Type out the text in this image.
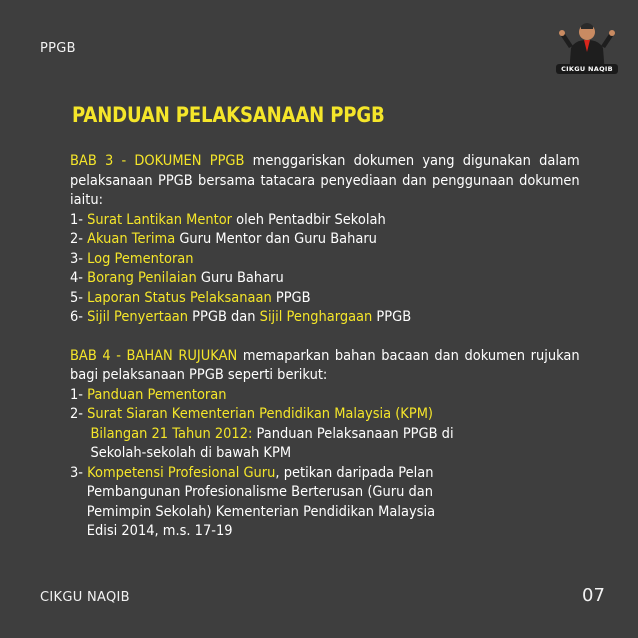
PPGB
CIKGU NAQIB
PANDUAN PELAKSANAAN PPGB

BAB 3 - DOKUMEN PPGB menggariskan dokumen yang digunakan dalam pelaksanaan PPGB bersama tatacara penyediaan dan penggunaan dokumen iaitu:

1- Surat Lantikan Mentor oleh Pentadbir Sekolah

2- Akuan Terima Guru Mentor dan Guru Baharu

3- Log Pementoran

4- Borang Penilaian Guru Baharu

5- Laporan Status Pelaksanaan PPGB

6- Sijil Penyertaan PPGB dan Sijil Penghargaan PPGB

BAB 4 - BAHAN RUJUKAN memaparkan bahan bacaan dan dokumen rujukan bagi pelaksanaan PPGB seperti berikut:

1- Panduan Pementoran

2- Surat Siaran Kementerian Pendidikan Malaysia (KPM)

Bilangan 21 Tahun 2012: Panduan Pelaksanaan PPGB di

Sekolah-sekolah di bawah KPM

3- Kompetensi Profesional Guru, petikan daripada Pelan

Pembangunan Profesionalisme Berterusan (Guru dan

Pemimpin Sekolah) Kementerian Pendidikan Malaysia

Edisi 2014, m.s. 17-19

CIKGU NAQIB	07
